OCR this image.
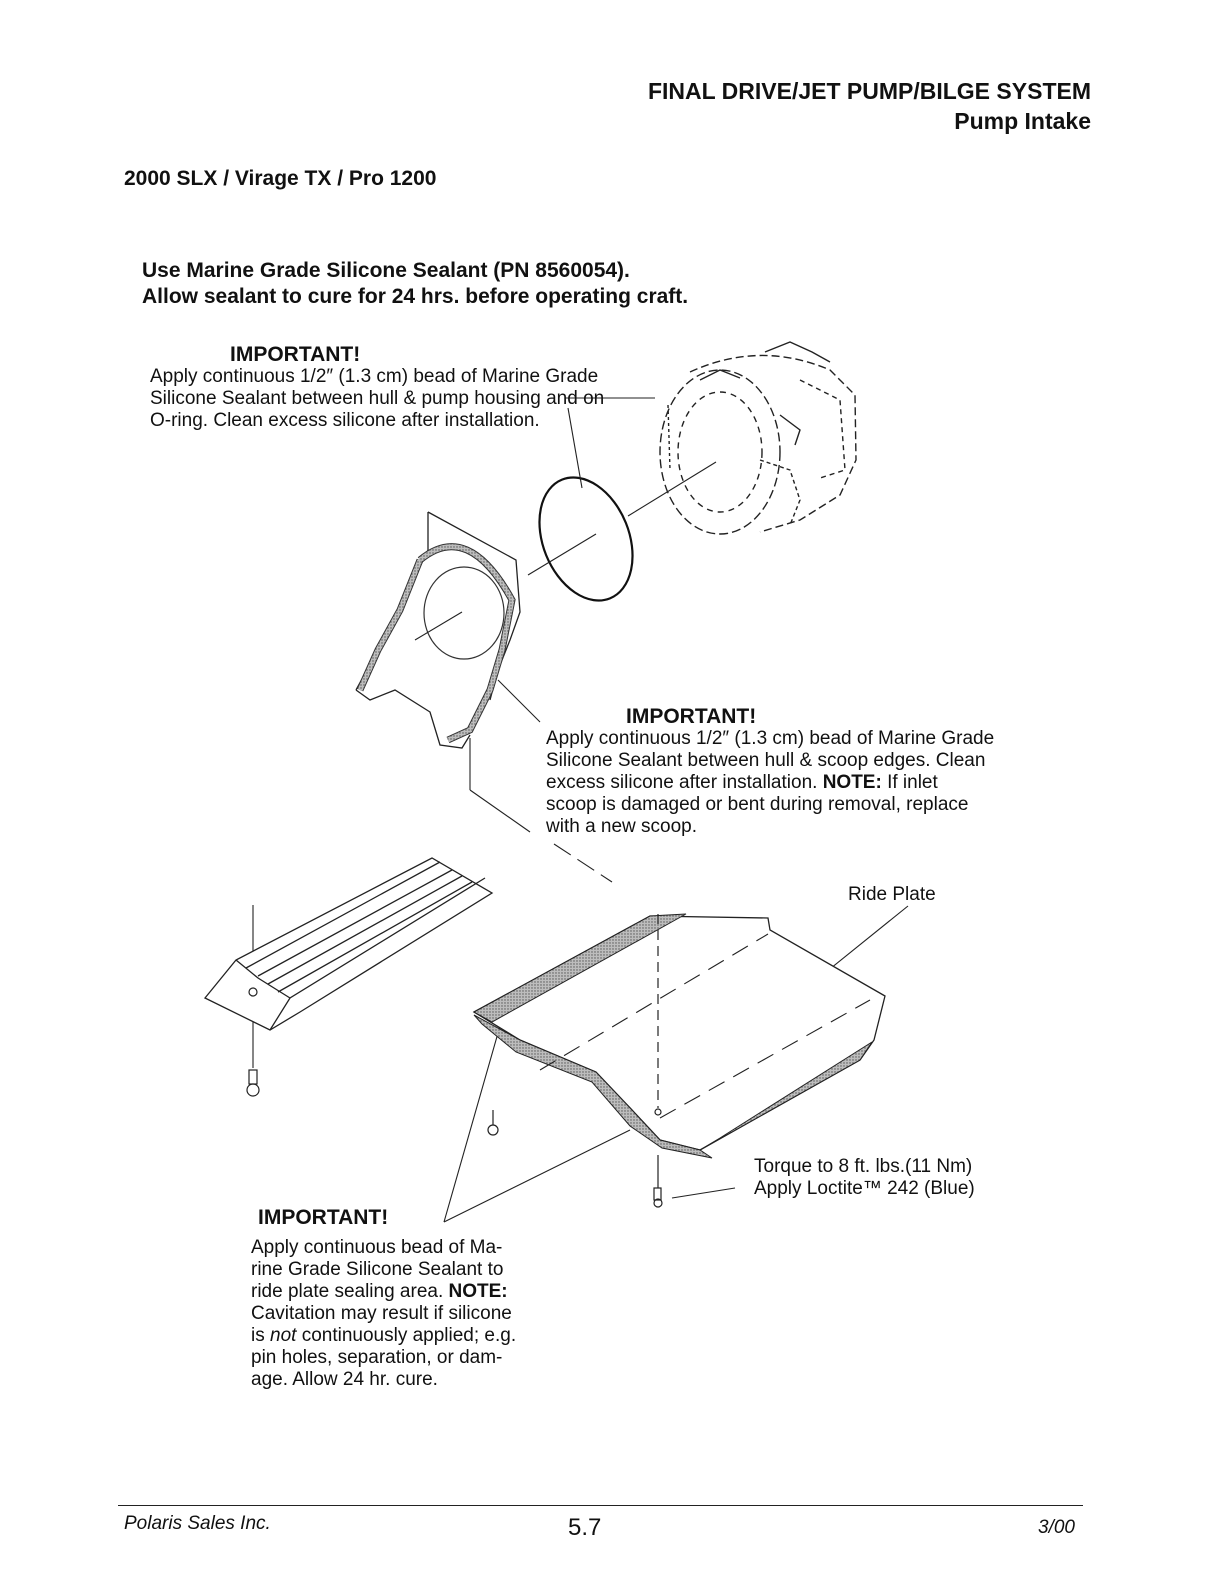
FINAL DRIVE/JET PUMP/BILGE SYSTEM
Pump Intake
2000 SLX / Virage TX / Pro 1200
Use Marine Grade Silicone Sealant (PN 8560054).
Allow sealant to cure for 24 hrs. before operating craft.
IMPORTANT!
Apply continuous 1/2″ (1.3 cm) bead of Marine Grade
Silicone Sealant between hull & pump housing and on
O-ring. Clean excess silicone after installation.
IMPORTANT!
Apply continuous 1/2″ (1.3 cm) bead of Marine Grade
Silicone Sealant between hull & scoop edges. Clean
excess silicone after installation. NOTE: If inlet
scoop is damaged or bent during removal, replace
with a new scoop.
Ride Plate
Torque to 8 ft. lbs.(11 Nm)
Apply Loctite™ 242 (Blue)
IMPORTANT!
Apply continuous bead of Ma-
rine Grade Silicone Sealant to
ride plate sealing area. NOTE:
Cavitation may result if silicone
is not continuously applied; e.g.
pin holes, separation, or dam-
age. Allow 24 hr. cure.
Polaris Sales Inc.	5.7	3/00
